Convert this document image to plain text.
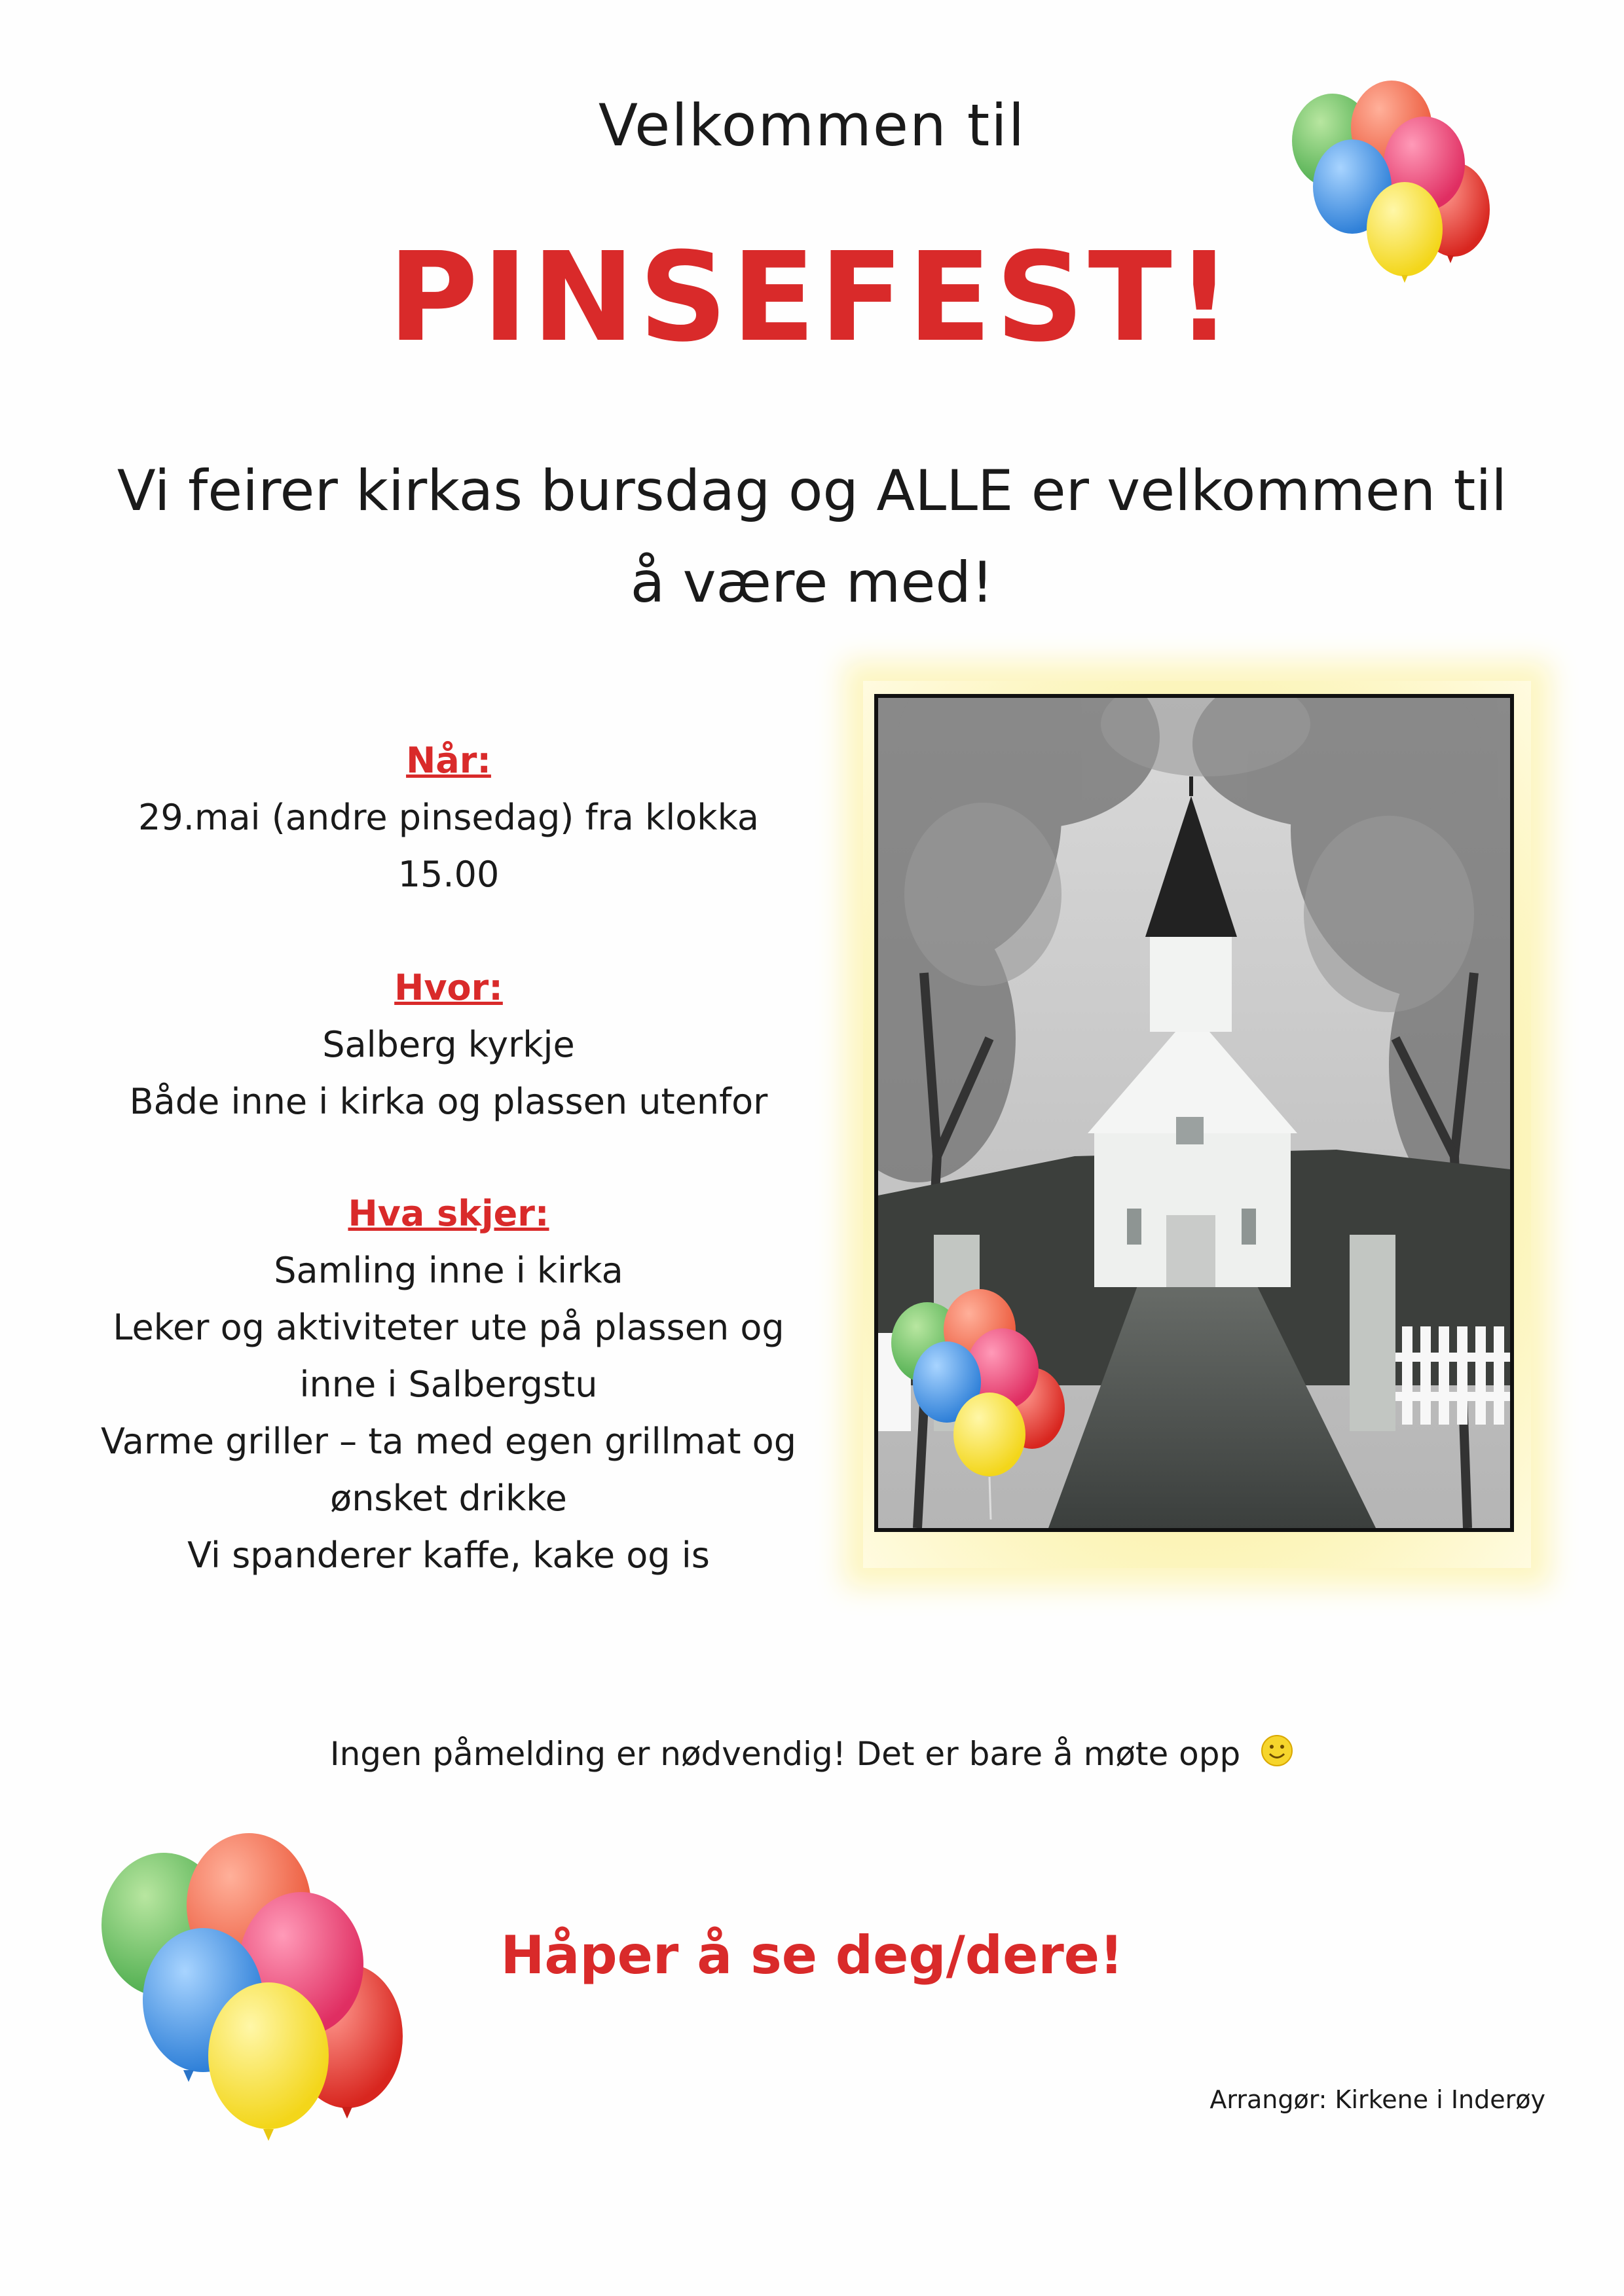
Velkommen til
PINSEFEST!
Vi feirer kirkas bursdag og ALLE er velkommen til
å være med!
Når:
29.mai (andre pinsedag) fra klokka
15.00
Hvor:
Salberg kyrkje
Både inne i kirka og plassen utenfor
Hva skjer:
Samling inne i kirka
Leker og aktiviteter ute på plassen og
inne i Salbergstu
Varme griller – ta med egen grillmat og
ønsket drikke
Vi spanderer kaffe, kake og is
Ingen påmelding er nødvendig! Det er bare å møte opp
Håper å se deg/dere!
Arrangør: Kirkene i Inderøy
